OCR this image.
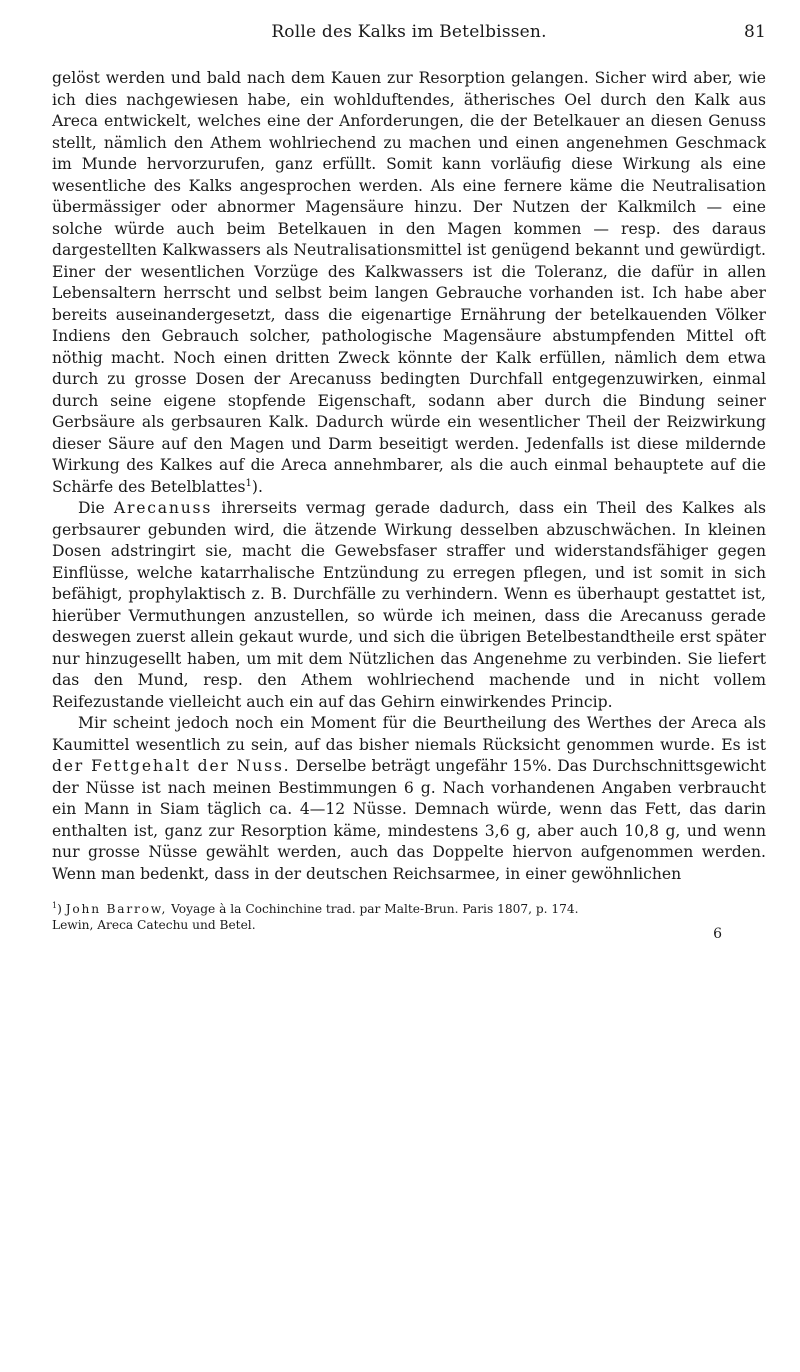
Rolle des Kalks im Betelbissen.	81

gelöst werden und bald nach dem Kauen zur Resorption gelangen. Sicher wird aber, wie ich dies nachgewiesen habe, ein wohlduftendes, ätherisches Oel durch den Kalk aus Areca entwickelt, welches eine der Anforderungen, die der Betelkauer an diesen Genuss stellt, nämlich den Athem wohlriechend zu machen und einen angenehmen Geschmack im Munde hervorzurufen, ganz erfüllt. Somit kann vorläufig diese Wirkung als eine wesentliche des Kalks angesprochen werden. Als eine fernere käme die Neutralisation übermässiger oder abnormer Magensäure hinzu. Der Nutzen der Kalkmilch — eine solche würde auch beim Betelkauen in den Magen kommen — resp. des daraus dargestellten Kalkwassers als Neutralisationsmittel ist genügend bekannt und gewürdigt. Einer der wesentlichen Vorzüge des Kalkwassers ist die Toleranz, die dafür in allen Lebensaltern herrscht und selbst beim langen Gebrauche vorhanden ist. Ich habe aber bereits auseinandergesetzt, dass die eigenartige Ernährung der betelkauenden Völker Indiens den Gebrauch solcher, pathologische Magensäure abstumpfenden Mittel oft nöthig macht. Noch einen dritten Zweck könnte der Kalk erfüllen, nämlich dem etwa durch zu grosse Dosen der Arecanuss bedingten Durchfall entgegenzuwirken, einmal durch seine eigene stopfende Eigenschaft, sodann aber durch die Bindung seiner Gerbsäure als gerbsauren Kalk. Dadurch würde ein wesentlicher Theil der Reizwirkung dieser Säure auf den Magen und Darm beseitigt werden. Jedenfalls ist diese mildernde Wirkung des Kalkes auf die Areca annehmbarer, als die auch einmal behauptete auf die Schärfe des Betelblattes$^1$).

Die Arecanuss ihrerseits vermag gerade dadurch, dass ein Theil des Kalkes als gerbsaurer gebunden wird, die ätzende Wirkung desselben abzuschwächen. In kleinen Dosen adstringirt sie, macht die Gewebsfaser straffer und widerstandsfähiger gegen Einflüsse, welche katarrhalische Entzündung zu erregen pflegen, und ist somit in sich befähigt, prophylaktisch z. B. Durchfälle zu verhindern. Wenn es überhaupt gestattet ist, hierüber Vermuthungen anzustellen, so würde ich meinen, dass die Arecanuss gerade deswegen zuerst allein gekaut wurde, und sich die übrigen Betelbestandtheile erst später nur hinzugesellt haben, um mit dem Nützlichen das Angenehme zu verbinden. Sie liefert das den Mund, resp. den Athem wohlriechend machende und in nicht vollem Reifezustande vielleicht auch ein auf das Gehirn einwirkendes Princip.

Mir scheint jedoch noch ein Moment für die Beurtheilung des Werthes der Areca als Kaumittel wesentlich zu sein, auf das bisher niemals Rücksicht genommen wurde. Es ist der Fettgehalt der Nuss. Derselbe beträgt ungefähr 15%. Das Durchschnittsgewicht der Nüsse ist nach meinen Bestimmungen 6 g. Nach vorhandenen Angaben verbraucht ein Mann in Siam täglich ca. 4—12 Nüsse. Demnach würde, wenn das Fett, das darin enthalten ist, ganz zur Resorption käme, mindestens 3,6 g, aber auch 10,8 g, und wenn nur grosse Nüsse gewählt werden, auch das Doppelte hiervon aufgenommen werden. Wenn man bedenkt, dass in der deutschen Reichsarmee, in einer gewöhnlichen

$^1$) John Barrow, Voyage à la Cochinchine trad. par Malte-Brun. Paris 1807, p. 174.

Lewin, Areca Catechu und Betel.
6
